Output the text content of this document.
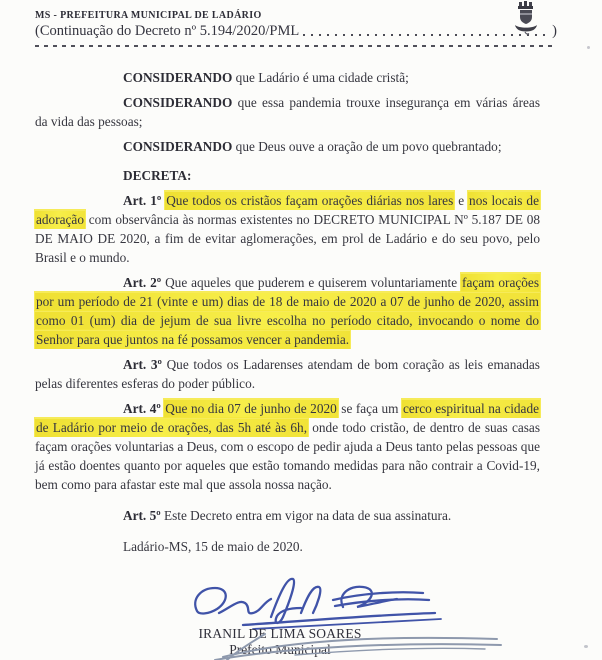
MS - PREFEITURA MUNICIPAL DE LADÁRIO
(Continuação do Decreto nº 5.194/2020/PML	)
CONSIDERANDO que Ladário é uma cidade cristã;
CONSIDERANDO que essa pandemia trouxe insegurança em várias áreas da vida das pessoas;
CONSIDERANDO que Deus ouve a oração de um povo quebrantado;
DECRETA:
Art. 1º Que todos os cristãos façam orações diárias nos lares e nos locais de adoração com observância às normas existentes no DECRETO MUNICIPAL Nº 5.187 DE 08 DE MAIO DE 2020, a fim de evitar aglomerações, em prol de Ladário e do seu povo, pelo Brasil e o mundo.
Art. 2º Que aqueles que puderem e quiserem voluntariamente façam orações por um período de 21 (vinte e um) dias de 18 de maio de 2020 a 07 de junho de 2020, assim como 01 (um) dia de jejum de sua livre escolha no período citado, invocando o nome do Senhor para que juntos na fé possamos vencer a pandemia.
Art. 3º Que todos os Ladarenses atendam de bom coração as leis emanadas pelas diferentes esferas do poder público.
Art. 4º Que no dia 07 de junho de 2020 se faça um cerco espiritual na cidade de Ladário por meio de orações, das 5h até às 6h, onde todo cristão, de dentro de suas casas façam orações voluntarias a Deus, com o escopo de pedir ajuda a Deus tanto pelas pessoas que já estão doentes quanto por aqueles que estão tomando medidas para não contrair a Covid-19, bem como para afastar este mal que assola nossa nação.
Art. 5º Este Decreto entra em vigor na data de sua assinatura.
Ladário-MS, 15 de maio de 2020.
IRANIL DE LIMA SOARES
Prefeito Municipal
